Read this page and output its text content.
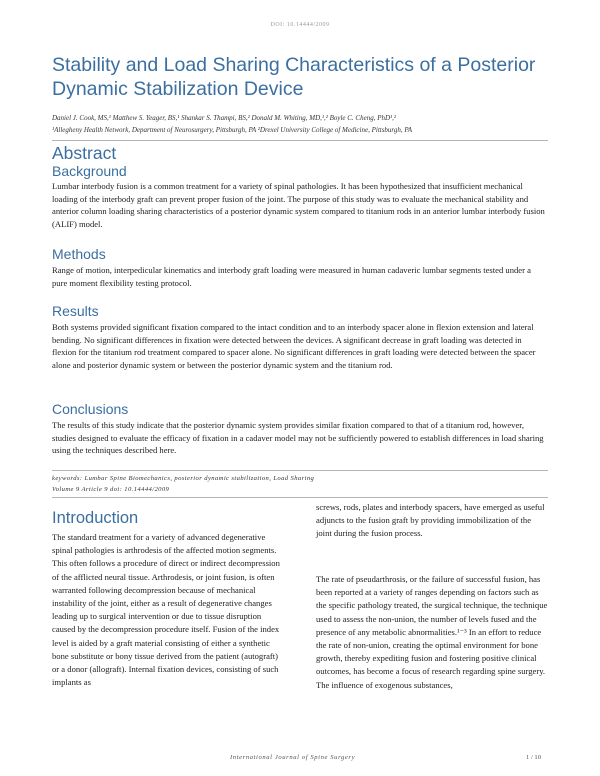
DOI: 10.14444/2009
Stability and Load Sharing Characteristics of a Posterior Dynamic Stabilization Device
Daniel J. Cook, MS,¹ Matthew S. Yeager, BS,¹ Shankar S. Thampi, BS,² Donald M. Whiting, MD,¹,² Boyle C. Cheng, PhD¹,²
¹Allegheny Health Network, Department of Neurosurgery, Pittsburgh, PA ²Drexel University College of Medicine, Pittsburgh, PA
Abstract
Background

Lumbar interbody fusion is a common treatment for a variety of spinal pathologies. It has been hypothesized that insufficient mechanical loading of the interbody graft can prevent proper fusion of the joint. The purpose of this study was to evaluate the mechanical stability and anterior column loading sharing characteristics of a posterior dynamic system compared to titanium rods in an anterior lumbar interbody fusion (ALIF) model.

Methods

Range of motion, interpedicular kinematics and interbody graft loading were measured in human cadaveric lumbar segments tested under a pure moment flexibility testing protocol.

Results

Both systems provided significant fixation compared to the intact condition and to an interbody spacer alone in flexion extension and lateral bending. No significant differences in fixation were detected between the devices. A significant decrease in graft loading was detected in flexion for the titanium rod treatment compared to spacer alone. No significant differences in graft loading were detected between the spacer alone and posterior dynamic system or between the posterior dynamic system and the titanium rod.

Conclusions

The results of this study indicate that the posterior dynamic system provides similar fixation compared to that of a titanium rod, however, studies designed to evaluate the efficacy of fixation in a cadaver model may not be sufficiently powered to establish differences in load sharing using the techniques described here.

keywords: Lumbar Spine Biomechanics, posterior dynamic stabilization, Load Sharing
Volume 9 Article 9 doi: 10.14444/2009
Introduction

The standard treatment for a variety of advanced degenerative spinal pathologies is arthrodesis of the affected motion segments. This often follows a procedure of direct or indirect decompression of the afflicted neural tissue. Arthrodesis, or joint fusion, is often warranted following decompression because of mechanical instability of the joint, either as a result of degenerative changes leading up to surgical intervention or due to tissue disruption caused by the decompression procedure itself. Fusion of the index level is aided by a graft material consisting of either a synthetic bone substitute or bony tissue derived from the patient (autograft) or a donor (allograft). Internal fixation devices, consisting of such implants as

screws, rods, plates and interbody spacers, have emerged as useful adjuncts to the fusion graft by providing immobilization of the joint during the fusion process.

The rate of pseudarthrosis, or the failure of successful fusion, has been reported at a variety of ranges depending on factors such as the specific pathology treated, the surgical technique, the technique used to assess the non-union, the number of levels fused and the presence of any metabolic abnormalities.¹⁻³ In an effort to reduce the rate of non-union, creating the optimal environment for bone growth, thereby expediting fusion and fostering positive clinical outcomes, has become a focus of research regarding spine surgery. The influence of exogenous substances,

International Journal of Spine Surgery	1 / 10
